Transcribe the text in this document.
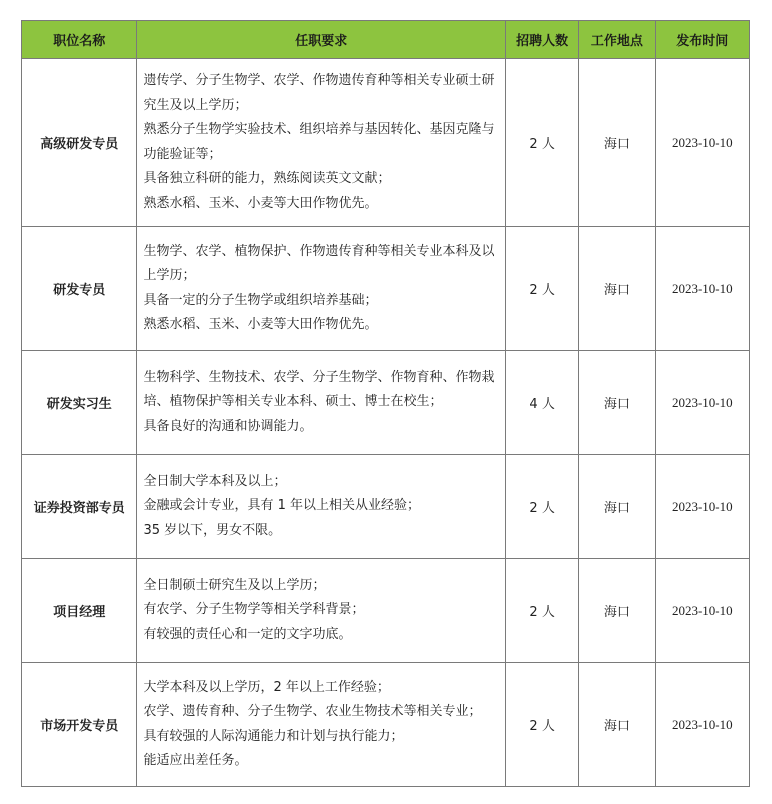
职位名称	任职要求	招聘人数	工作地点	发布时间
高级研发专员	遗传学、分子生物学、农学、作物遗传育种等相关专业硕士研究生及以上学历；
熟悉分子生物学实验技术、组织培养与基因转化、基因克隆与功能验证等；
具备独立科研的能力，熟练阅读英文文献；
熟悉水稻、玉米、小麦等大田作物优先。	2 人	海口	2023-10-10
研发专员	生物学、农学、植物保护、作物遗传育种等相关专业本科及以上学历；
具备一定的分子生物学或组织培养基础；
熟悉水稻、玉米、小麦等大田作物优先。	2 人	海口	2023-10-10
研发实习生	生物科学、生物技术、农学、分子生物学、作物育种、作物栽培、植物保护等相关专业本科、硕士、博士在校生；
具备良好的沟通和协调能力。	4 人	海口	2023-10-10
证券投资部专员	全日制大学本科及以上；
金融或会计专业，具有 1 年以上相关从业经验；
35 岁以下，男女不限。	2 人	海口	2023-10-10
项目经理	全日制硕士研究生及以上学历；
有农学、分子生物学等相关学科背景；
有较强的责任心和一定的文字功底。	2 人	海口	2023-10-10
市场开发专员	大学本科及以上学历，2 年以上工作经验；
农学、遗传育种、分子生物学、农业生物技术等相关专业；
具有较强的人际沟通能力和计划与执行能力；
能适应出差任务。	2 人	海口	2023-10-10
